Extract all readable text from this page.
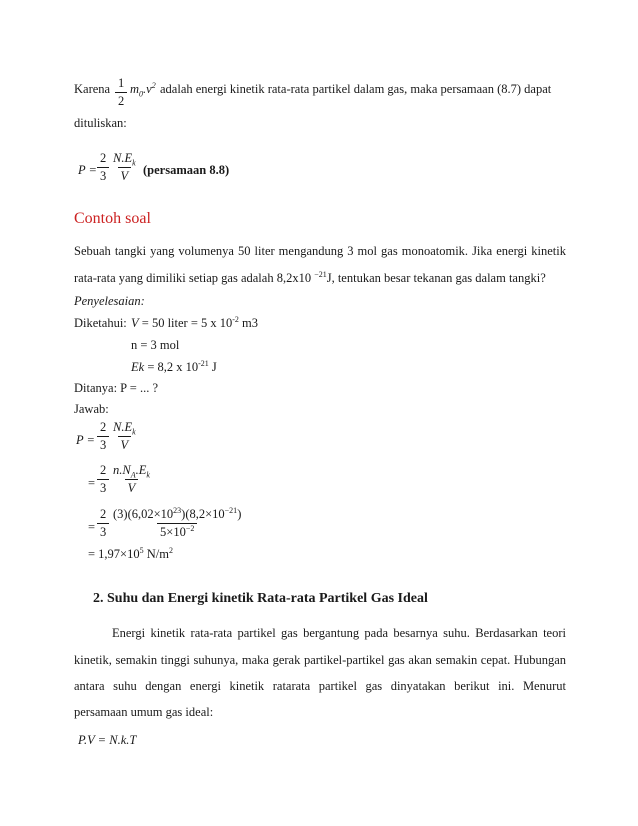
Karena $\frac{1}{2} m_0.v^2$ adalah energi kinetik rata-rata partikel dalam gas, maka persamaan (8.7) dapat
dituliskan:
$P = \frac{2}{3} \frac{N.E_k}{V}$ (persamaan 8.8)
Contoh soal
Sebuah tangki yang volumenya 50 liter mengandung 3 mol gas monoatomik. Jika energi kinetik
rata-rata yang dimiliki setiap gas adalah 8,2x10 $^{-21}$J, tentukan besar tekanan gas dalam tangki?
Penyelesaian:
Diketahui: V = 50 liter = 5 x $10^{-2}$ m3
n = 3 mol
Ek = 8,2 x $10^{-21}$ J
Ditanya: P = ... ?
Jawab:
$P = \frac{2}{3} \frac{N.E_k}{V}$
= $\frac{2}{3} \frac{n.N_A.E_k}{V}$
= $\frac{2}{3} \frac{(3)(6,02\times 10^{23})(8,2\times 10^{-21})}{5\times 10^{-2}}$
= $1,97\times 10^5$ $N/m^2$
2. Suhu dan Energi kinetik Rata-rata Partikel Gas Ideal
Energi kinetik rata-rata partikel gas bergantung pada besarnya suhu. Berdasarkan teori
kinetik, semakin tinggi suhunya, maka gerak partikel-partikel gas akan semakin cepat. Hubungan
antara suhu dengan energi kinetik ratarata partikel gas dinyatakan berikut ini. Menurut
persamaan umum gas ideal:
P.V = N.k.T
